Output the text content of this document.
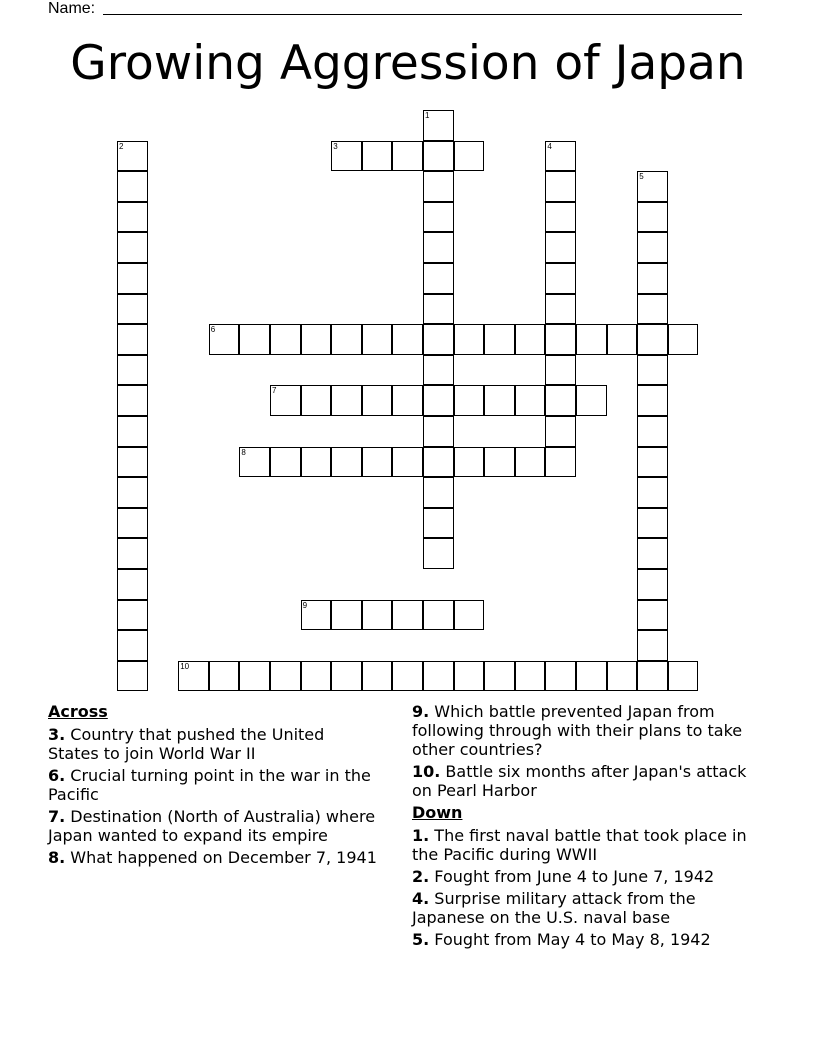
Name:
Growing Aggression of Japan
1
2	3	4
5
6
7
8
9
10
Across
3. Country that pushed the United States to join World War II
6. Crucial turning point in the war in the Pacific
7. Destination (North of Australia) where Japan wanted to expand its empire
8. What happened on December 7, 1941
9. Which battle prevented Japan from following through with their plans to take other countries?
10. Battle six months after Japan's attack on Pearl Harbor
Down
1. The first naval battle that took place in the Pacific during WWII
2. Fought from June 4 to June 7, 1942
4. Surprise military attack from the Japanese on the U.S. naval base
5. Fought from May 4 to May 8, 1942
